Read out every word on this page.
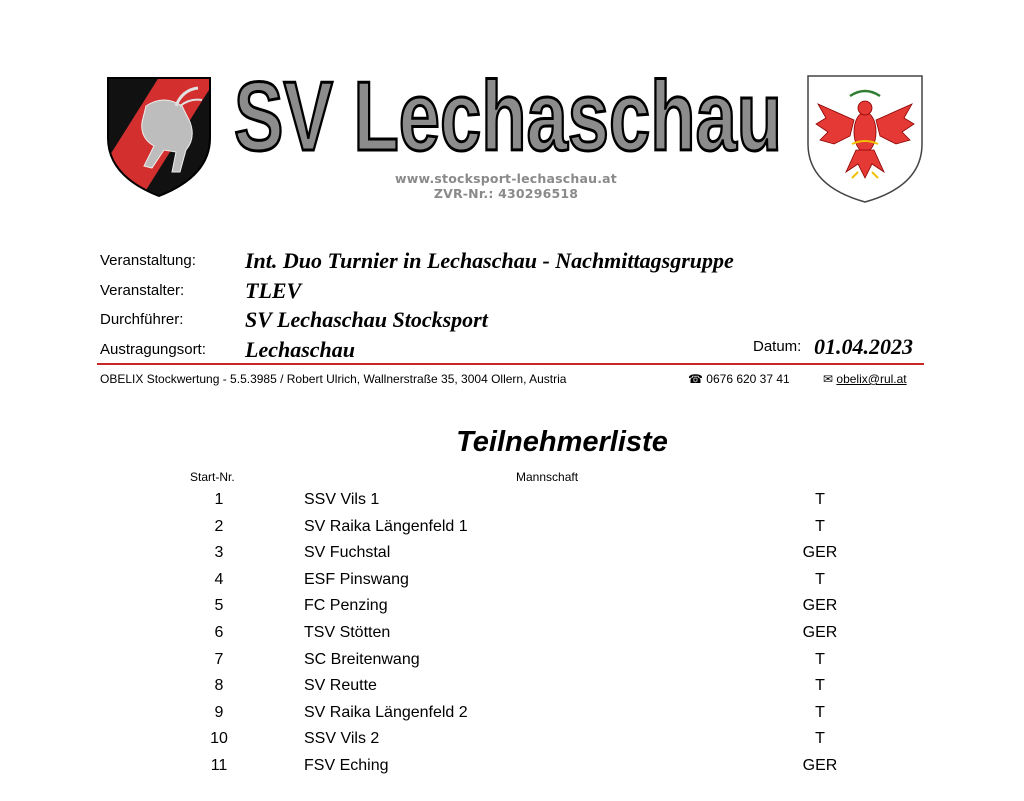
SV Lechaschau
www.stocksport-lechaschau.at
ZVR-Nr.: 430296518
Veranstaltung: Int. Duo Turnier in Lechaschau - Nachmittagsgruppe
Veranstalter:	TLEV
Durchführer:	SV Lechaschau Stocksport
Austragungsort: Lechaschau	Datum: 01.04.2023
OBELIX Stockwertung - 5.5.3985 / Robert Ulrich, Wallnerstraße 35, 3004 Ollern, Austria	☎ 0676 620 37 41	✉ obelix@rul.at
Teilnehmerliste
Start-Nr.	Mannschaft
1	SSV Vils 1	T
2	SV Raika Längenfeld 1	T
3	SV Fuchstal	GER
4	ESF Pinswang	T
5	FC Penzing	GER
6	TSV Stötten	GER
7	SC Breitenwang	T
8	SV Reutte	T
9	SV Raika Längenfeld 2	T
10	SSV Vils 2	T
11	FSV Eching	GER
